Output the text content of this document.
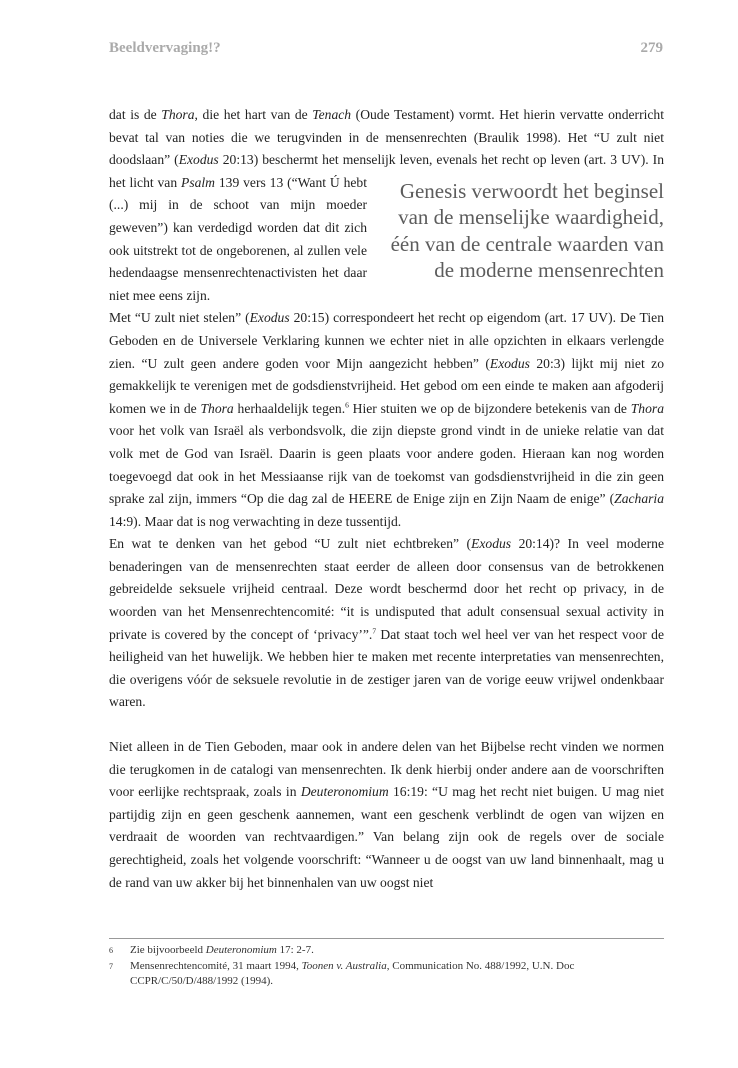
Beeldvervaging!?	279

dat is de Thora, die het hart van de Tenach (Oude Testament) vormt. Het hierin vervatte onderricht bevat tal van noties die we terugvinden in de mensenrechten (Braulik 1998). Het “U zult niet doodslaan” (Exodus 20:13) beschermt het menselijk leven, evenals het recht op leven (art. 3 UV). In het licht van Psalm	Genesis verwoordt het beginsel van de menselijke waardigheid, één van de centrale waarden van de moderne mensenrechten
139 vers 13 (“Want Ú hebt (...) mij in de schoot van mijn moeder geweven”) kan verdedigd worden dat dit zich ook uitstrekt tot de ongeborenen, al zullen vele hedendaagse mensenrechtenactivisten het daar niet mee eens zijn.

Met “U zult niet stelen” (Exodus 20:15) correspondeert het recht op eigendom (art. 17 UV). De Tien Geboden en de Universele Verklaring kunnen we echter niet in alle opzichten in elkaars verlengde zien. “U zult geen andere goden voor Mijn aangezicht hebben” (Exodus 20:3) lijkt mij niet zo gemakkelijk te verenigen met de godsdienstvrijheid. Het gebod om een einde te maken aan afgoderij komen we in de Thora herhaaldelijk tegen.$^6$ Hier stuiten we op de bijzondere betekenis van de Thora voor het volk van Israël als verbondsvolk, die zijn diepste grond vindt in de unieke relatie van dat volk met de God van Israël. Daarin is geen plaats voor andere goden. Hieraan kan nog worden toegevoegd dat ook in het Messiaanse rijk van de toekomst van godsdienstvrijheid in die zin geen sprake zal zijn, immers “Op die dag zal de HEERE de Enige zijn en Zijn Naam de enige” (Zacharia 14:9). Maar dat is nog verwachting in deze tussentijd.

En wat te denken van het gebod “U zult niet echtbreken” (Exodus 20:14)? In veel moderne benaderingen van de mensenrechten staat eerder de alleen door consensus van de betrokkenen gebreidelde seksuele vrijheid centraal. Deze wordt beschermd door het recht op privacy, in de woorden van het Mensenrechtencomité: “it is undisputed that adult consensual sexual activity in private is covered by the concept of ‘privacy’”.$^7$ Dat staat toch wel heel ver van het respect voor de heiligheid van het huwelijk. We hebben hier te maken met recente interpretaties van mensenrechten, die overigens vóór de seksuele revolutie in de zestiger jaren van de vorige eeuw vrijwel ondenkbaar waren.

Niet alleen in de Tien Geboden, maar ook in andere delen van het Bijbelse recht vinden we normen die terugkomen in de catalogi van mensenrechten. Ik denk hierbij onder andere aan de voorschriften voor eerlijke rechtspraak, zoals in Deuteronomium 16:19: “U mag het recht niet buigen. U mag niet partijdig zijn en geen geschenk aannemen, want een geschenk verblindt de ogen van wijzen en verdraait de woorden van rechtvaardigen.” Van belang zijn ook de regels over de sociale gerechtigheid, zoals het volgende voorschrift: “Wanneer u de oogst van uw land binnenhaalt, mag u de rand van uw akker bij het binnenhalen van uw oogst niet

6 Zie bijvoorbeeld Deuteronomium 17: 2-7.
7 Mensenrechtencomité, 31 maart 1994, Toonen v. Australia, Communication No. 488/1992, U.N. Doc CCPR/C/50/D/488/1992 (1994).
